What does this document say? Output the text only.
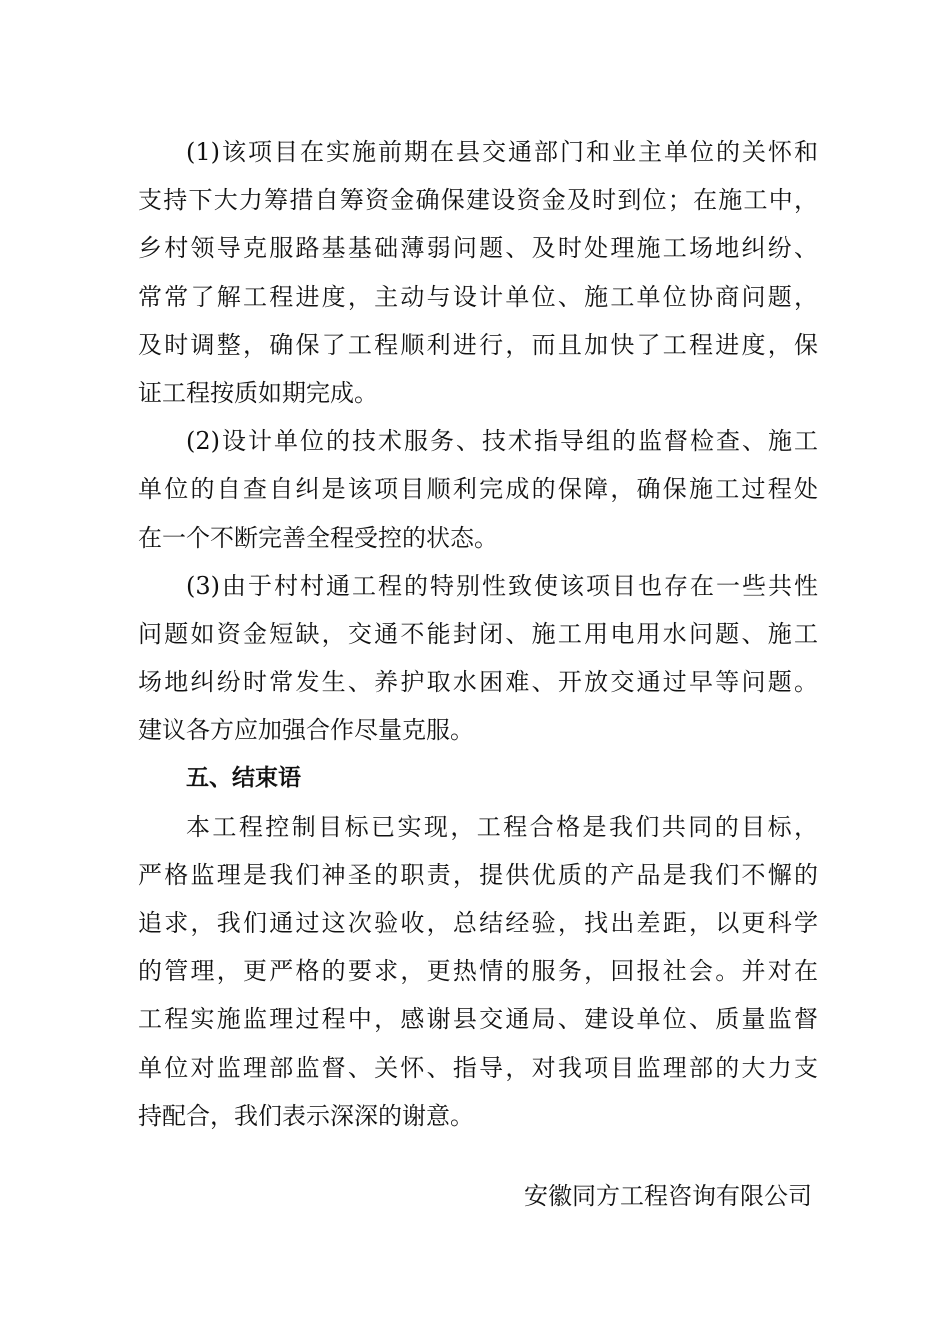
(1)该项目在实施前期在县交通部门和业主单位的关怀和
支持下大力筹措自筹资金确保建设资金及时到位；在施工中，
乡村领导克服路基基础薄弱问题、及时处理施工场地纠纷、
常常了解工程进度，主动与设计单位、施工单位协商问题，
及时调整，确保了工程顺利进行，而且加快了工程进度，保
证工程按质如期完成。
(2)设计单位的技术服务、技术指导组的监督检查、施工
单位的自查自纠是该项目顺利完成的保障，确保施工过程处
在一个不断完善全程受控的状态。
(3)由于村村通工程的特别性致使该项目也存在一些共性
问题如资金短缺，交通不能封闭、施工用电用水问题、施工
场地纠纷时常发生、养护取水困难、开放交通过早等问题。
建议各方应加强合作尽量克服。
五、结束语
本工程控制目标已实现，工程合格是我们共同的目标，
严格监理是我们神圣的职责，提供优质的产品是我们不懈的
追求，我们通过这次验收，总结经验，找出差距，以更科学
的管理，更严格的要求，更热情的服务，回报社会。并对在
工程实施监理过程中，感谢县交通局、建设单位、质量监督
单位对监理部监督、关怀、指导，对我项目监理部的大力支
持配合，我们表示深深的谢意。
安徽同方工程咨询有限公司
